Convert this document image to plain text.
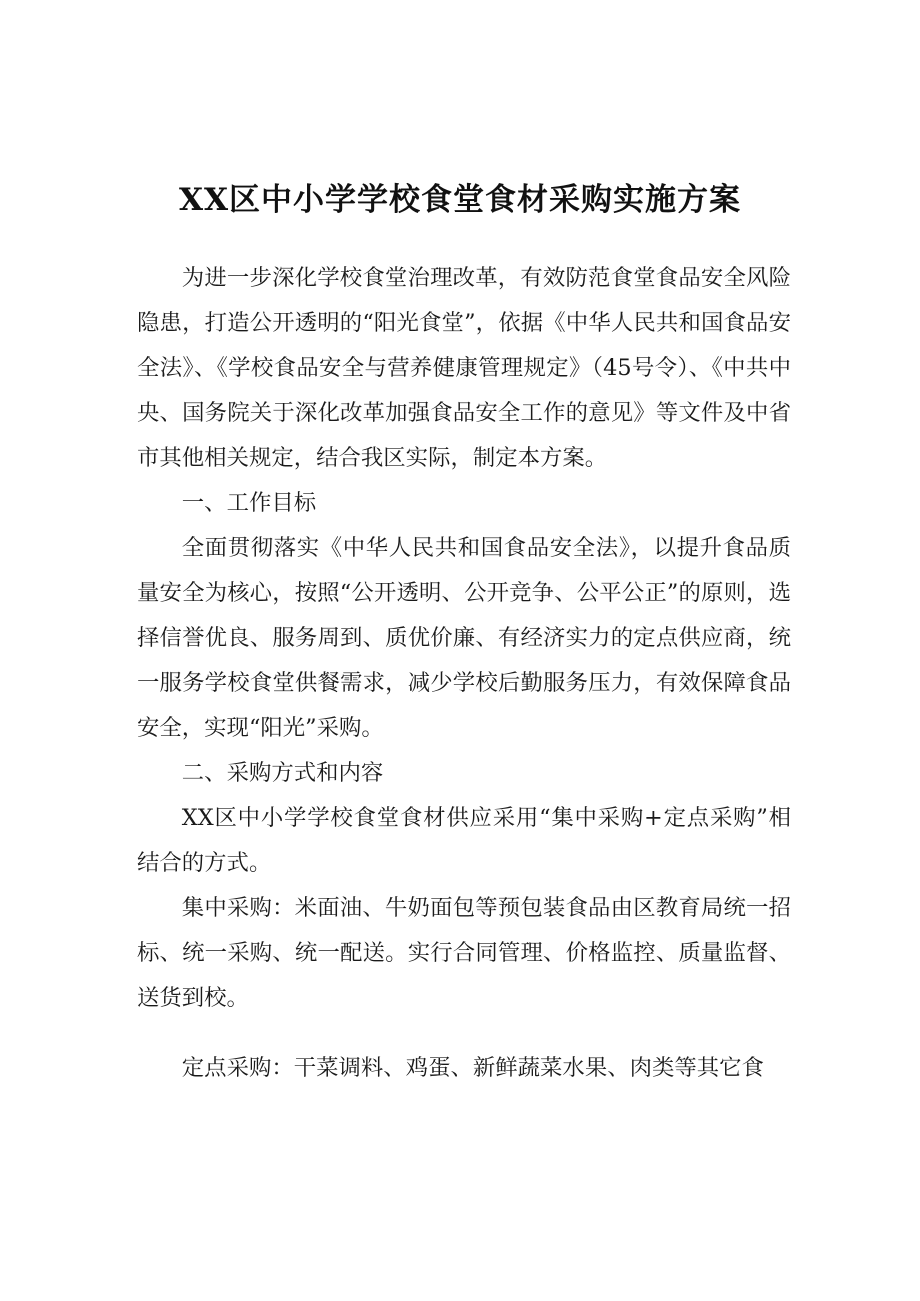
XX区中小学学校食堂食材采购实施方案

为进一步深化学校食堂治理改革，有效防范食堂食品安全风险隐患，打造公开透明的“阳光食堂”，依据《中华人民共和国食品安全法》、《学校食品安全与营养健康管理规定》（45号令）、《中共中央、国务院关于深化改革加强食品安全工作的意见》等文件及中省市其他相关规定，结合我区实际，制定本方案。

一、工作目标

全面贯彻落实《中华人民共和国食品安全法》，以提升食品质量安全为核心，按照“公开透明、公开竞争、公平公正”的原则，选择信誉优良、服务周到、质优价廉、有经济实力的定点供应商，统一服务学校食堂供餐需求，减少学校后勤服务压力，有效保障食品安全，实现“阳光”采购。

二、采购方式和内容

XX区中小学学校食堂食材供应采用“集中采购+定点采购”相结合的方式。

集中采购：米面油、牛奶面包等预包装食品由区教育局统一招标、统一采购、统一配送。实行合同管理、价格监控、质量监督、送货到校。

定点采购：干菜调料、鸡蛋、新鲜蔬菜水果、肉类等其它食
